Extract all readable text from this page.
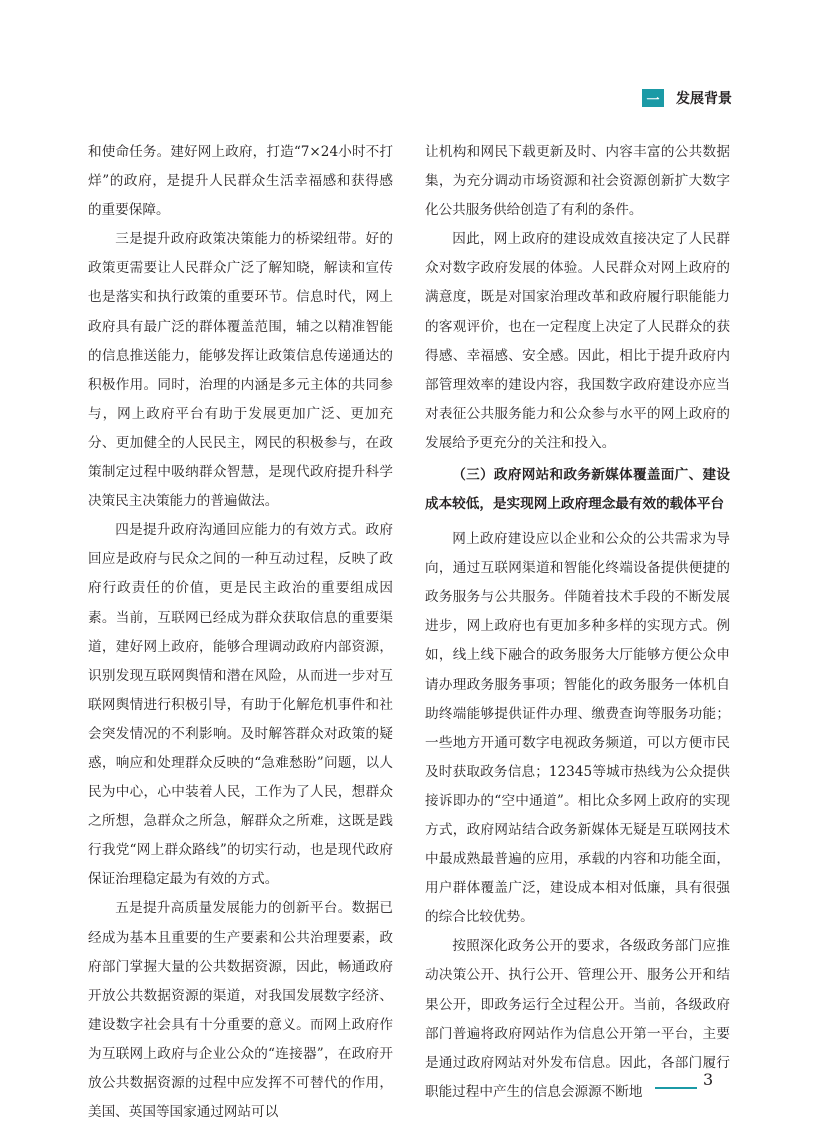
一	发展背景

和使命任务。建好网上政府，打造“7×24小时不打烊”的政府，是提升人民群众生活幸福感和获得感的重要保障。

三是提升政府政策决策能力的桥梁纽带。好的政策更需要让人民群众广泛了解知晓，解读和宣传也是落实和执行政策的重要环节。信息时代，网上政府具有最广泛的群体覆盖范围，辅之以精准智能的信息推送能力，能够发挥让政策信息传递通达的积极作用。同时，治理的内涵是多元主体的共同参与，网上政府平台有助于发展更加广泛、更加充分、更加健全的人民民主，网民的积极参与，在政策制定过程中吸纳群众智慧，是现代政府提升科学决策民主决策能力的普遍做法。

四是提升政府沟通回应能力的有效方式。政府回应是政府与民众之间的一种互动过程，反映了政府行政责任的价值，更是民主政治的重要组成因素。当前，互联网已经成为群众获取信息的重要渠道，建好网上政府，能够合理调动政府内部资源，识别发现互联网舆情和潜在风险，从而进一步对互联网舆情进行积极引导，有助于化解危机事件和社会突发情况的不利影响。及时解答群众对政策的疑惑，响应和处理群众反映的“急难愁盼”问题，以人民为中心，心中装着人民，工作为了人民，想群众之所想，急群众之所急，解群众之所难，这既是践行我党“网上群众路线”的切实行动，也是现代政府保证治理稳定最为有效的方式。

五是提升高质量发展能力的创新平台。数据已经成为基本且重要的生产要素和公共治理要素，政府部门掌握大量的公共数据资源，因此，畅通政府开放公共数据资源的渠道，对我国发展数字经济、建设数字社会具有十分重要的意义。而网上政府作为互联网上政府与企业公众的“连接器”，在政府开放公共数据资源的过程中应发挥不可替代的作用，美国、英国等国家通过网站可以

让机构和网民下载更新及时、内容丰富的公共数据集，为充分调动市场资源和社会资源创新扩大数字化公共服务供给创造了有利的条件。

因此，网上政府的建设成效直接决定了人民群众对数字政府发展的体验。人民群众对网上政府的满意度，既是对国家治理改革和政府履行职能能力的客观评价，也在一定程度上决定了人民群众的获得感、幸福感、安全感。因此，相比于提升政府内部管理效率的建设内容，我国数字政府建设亦应当对表征公共服务能力和公众参与水平的网上政府的发展给予更充分的关注和投入。

（三）政府网站和政务新媒体覆盖面广、建设成本较低，是实现网上政府理念最有效的载体平台

网上政府建设应以企业和公众的公共需求为导向，通过互联网渠道和智能化终端设备提供便捷的政务服务与公共服务。伴随着技术手段的不断发展进步，网上政府也有更加多种多样的实现方式。例如，线上线下融合的政务服务大厅能够方便公众申请办理政务服务事项；智能化的政务服务一体机自助终端能够提供证件办理、缴费查询等服务功能；一些地方开通可数字电视政务频道，可以方便市民及时获取政务信息；12345等城市热线为公众提供接诉即办的“空中通道”。相比众多网上政府的实现方式，政府网站结合政务新媒体无疑是互联网技术中最成熟最普遍的应用，承载的内容和功能全面，用户群体覆盖广泛，建设成本相对低廉，具有很强的综合比较优势。

按照深化政务公开的要求，各级政务部门应推动决策公开、执行公开、管理公开、服务公开和结果公开，即政务运行全过程公开。当前，各级政府部门普遍将政府网站作为信息公开第一平台，主要是通过政府网站对外发布信息。因此，各部门履行职能过程中产生的信息会源源不断地

3
